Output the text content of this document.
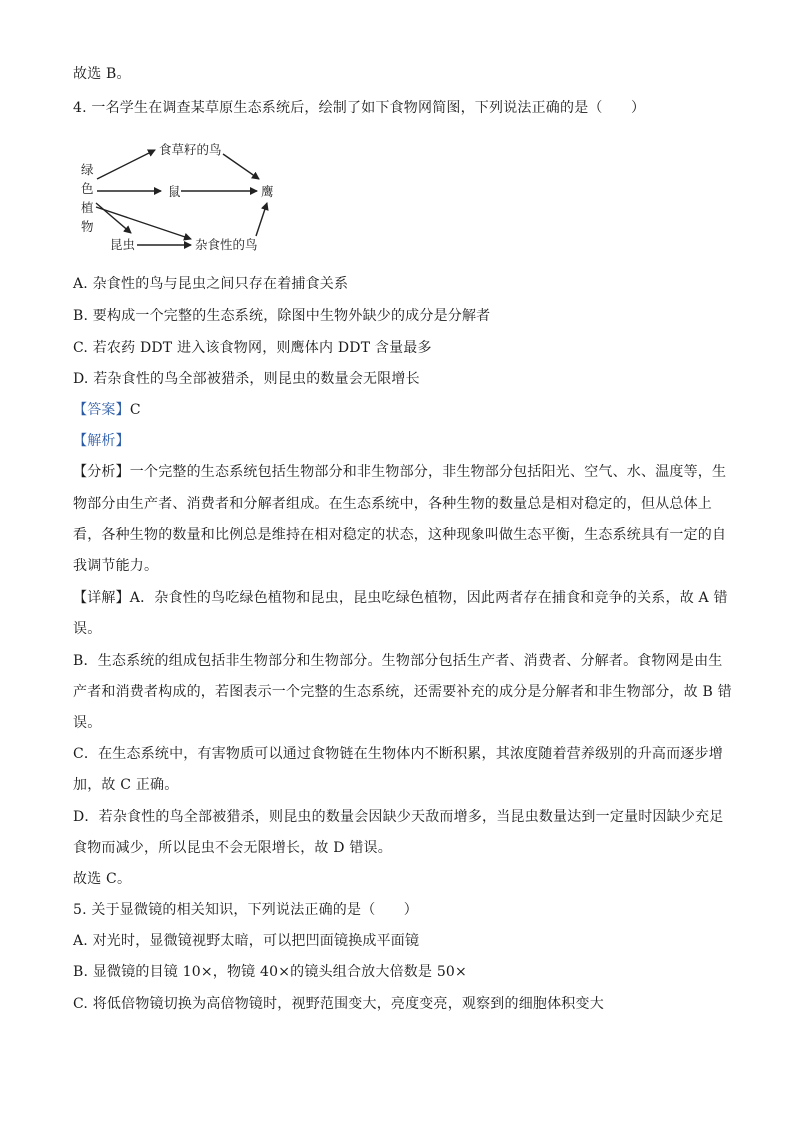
故选 B。
4. 一名学生在调查某草原生态系统后，绘制了如下食物网简图，下列说法正确的是（　　）
绿
色
植
物
食草籽的鸟
鼠	鹰
昆虫	杂食性的鸟
A. 杂食性的鸟与昆虫之间只存在着捕食关系
B. 要构成一个完整的生态系统，除图中生物外缺少的成分是分解者
C. 若农药 DDT 进入该食物网，则鹰体内 DDT 含量最多
D. 若杂食性的鸟全部被猎杀，则昆虫的数量会无限增长
【答案】C
【解析】
【分析】一个完整的生态系统包括生物部分和非生物部分，非生物部分包括阳光、空气、水、温度等，生
物部分由生产者、消费者和分解者组成。在生态系统中，各种生物的数量总是相对稳定的，但从总体上
看，各种生物的数量和比例总是维持在相对稳定的状态，这种现象叫做生态平衡，生态系统具有一定的自
我调节能力。
【详解】A．杂食性的鸟吃绿色植物和昆虫，昆虫吃绿色植物，因此两者存在捕食和竞争的关系，故 A 错
误。
B．生态系统的组成包括非生物部分和生物部分。生物部分包括生产者、消费者、分解者。食物网是由生
产者和消费者构成的，若图表示一个完整的生态系统，还需要补充的成分是分解者和非生物部分，故 B 错
误。
C．在生态系统中，有害物质可以通过食物链在生物体内不断积累，其浓度随着营养级别的升高而逐步增
加，故 C 正确。
D．若杂食性的鸟全部被猎杀，则昆虫的数量会因缺少天敌而增多，当昆虫数量达到一定量时因缺少充足
食物而减少，所以昆虫不会无限增长，故 D 错误。
故选 C。
5. 关于显微镜的相关知识，下列说法正确的是（　　）
A. 对光时，显微镜视野太暗，可以把凹面镜换成平面镜
B. 显微镜的目镜 10×，物镜 40×的镜头组合放大倍数是 50×
C. 将低倍物镜切换为高倍物镜时，视野范围变大，亮度变亮，观察到的细胞体积变大
